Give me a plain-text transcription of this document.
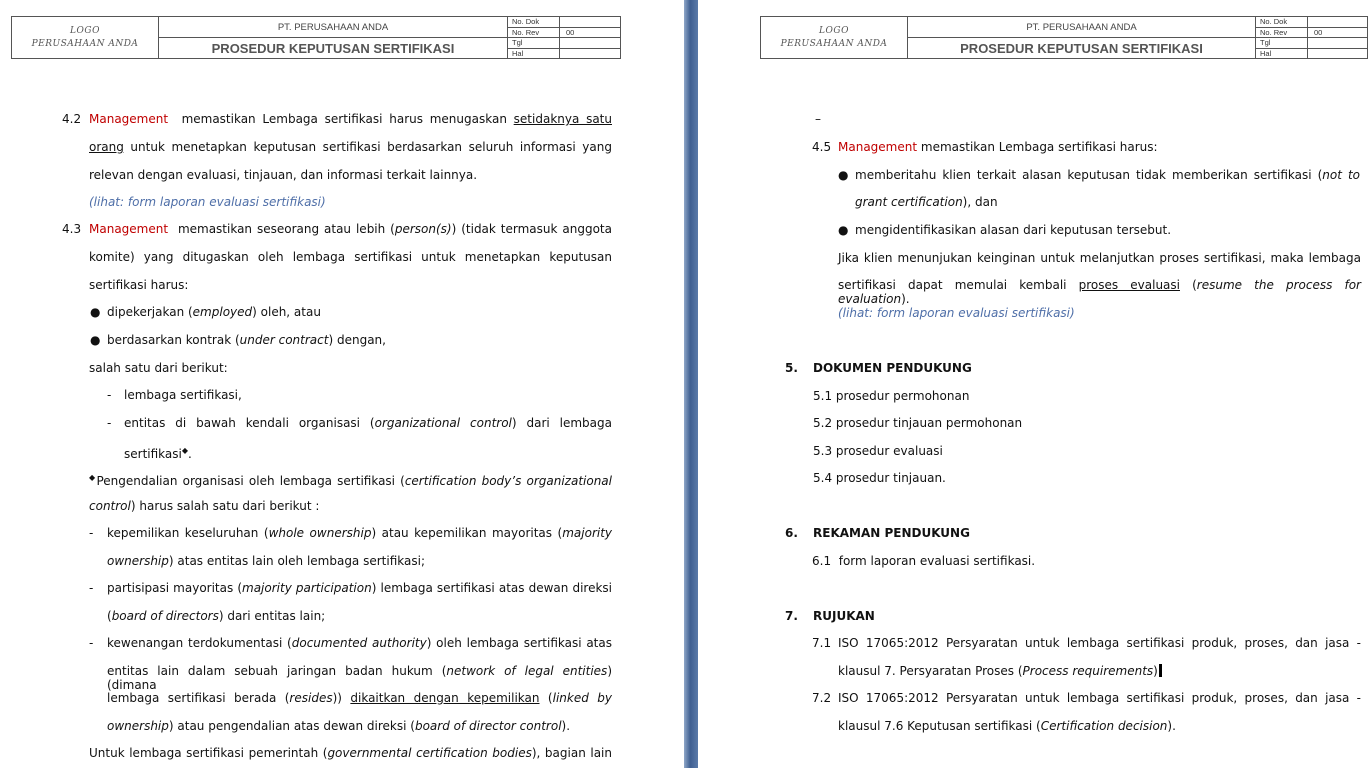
LOGO
PERUSAHAAN ANDA	PT. PERUSAHAAN ANDA	No. Dok	
		No. Rev	00
	PROSEDUR KEPUTUSAN SERTIFIKASI	Tgl	
		Hal	
4.2 Management memastikan Lembaga sertifikasi harus menugaskan setidaknya satu
orang untuk menetapkan keputusan sertifikasi berdasarkan seluruh informasi yang
relevan dengan evaluasi, tinjauan, dan informasi terkait lainnya.
(lihat: form laporan evaluasi sertifikasi)
4.3 Management memastikan seseorang atau lebih (person(s)) (tidak termasuk anggota
komite) yang ditugaskan oleh lembaga sertifikasi untuk menetapkan keputusan
sertifikasi harus:
● dipekerjakan (employed) oleh, atau
● berdasarkan kontrak (under contract) dengan,
salah satu dari berikut:
- lembaga sertifikasi,
- entitas di bawah kendali organisasi (organizational control) dari lembaga
sertifikasi◆.
◆Pengendalian organisasi oleh lembaga sertifikasi (certification body’s organizational
control) harus salah satu dari berikut :
- kepemilikan keseluruhan (whole ownership) atau kepemilikan mayoritas (majority
ownership) atas entitas lain oleh lembaga sertifikasi;
- partisipasi mayoritas (majority participation) lembaga sertifikasi atas dewan direksi
(board of directors) dari entitas lain;
- kewenangan terdokumentasi (documented authority) oleh lembaga sertifikasi atas
entitas lain dalam sebuah jaringan badan hukum (network of legal entities) (dimana
lembaga sertifikasi berada (resides)) dikaitkan dengan kepemilikan (linked by
ownership) atau pengendalian atas dewan direksi (board of director control).
Untuk lembaga sertifikasi pemerintah (governmental certification bodies), bagian lain
LOGO
PERUSAHAAN ANDA	PT. PERUSAHAAN ANDA	No. Dok	
		No. Rev	00
	PROSEDUR KEPUTUSAN SERTIFIKASI	Tgl	
		Hal	
–
4.5 Management memastikan Lembaga sertifikasi harus:
● memberitahu klien terkait alasan keputusan tidak memberikan sertifikasi (not to
grant certification), dan
● mengidentifikasikan alasan dari keputusan tersebut.
Jika klien menunjukan keinginan untuk melanjutkan proses sertifikasi, maka lembaga
sertifikasi dapat memulai kembali proses evaluasi (resume the process for evaluation).
(lihat: form laporan evaluasi sertifikasi)
5. DOKUMEN PENDUKUNG
5.1 prosedur permohonan
5.2 prosedur tinjauan permohonan
5.3 prosedur evaluasi
5.4 prosedur tinjauan.
6. REKAMAN PENDUKUNG
6.1 form laporan evaluasi sertifikasi.
7. RUJUKAN
7.1 ISO 17065:2012 Persyaratan untuk lembaga sertifikasi produk, proses, dan jasa -
klausul 7. Persyaratan Proses (Process requirements)
7.2 ISO 17065:2012 Persyaratan untuk lembaga sertifikasi produk, proses, dan jasa -
klausul 7.6 Keputusan sertifikasi (Certification decision).
